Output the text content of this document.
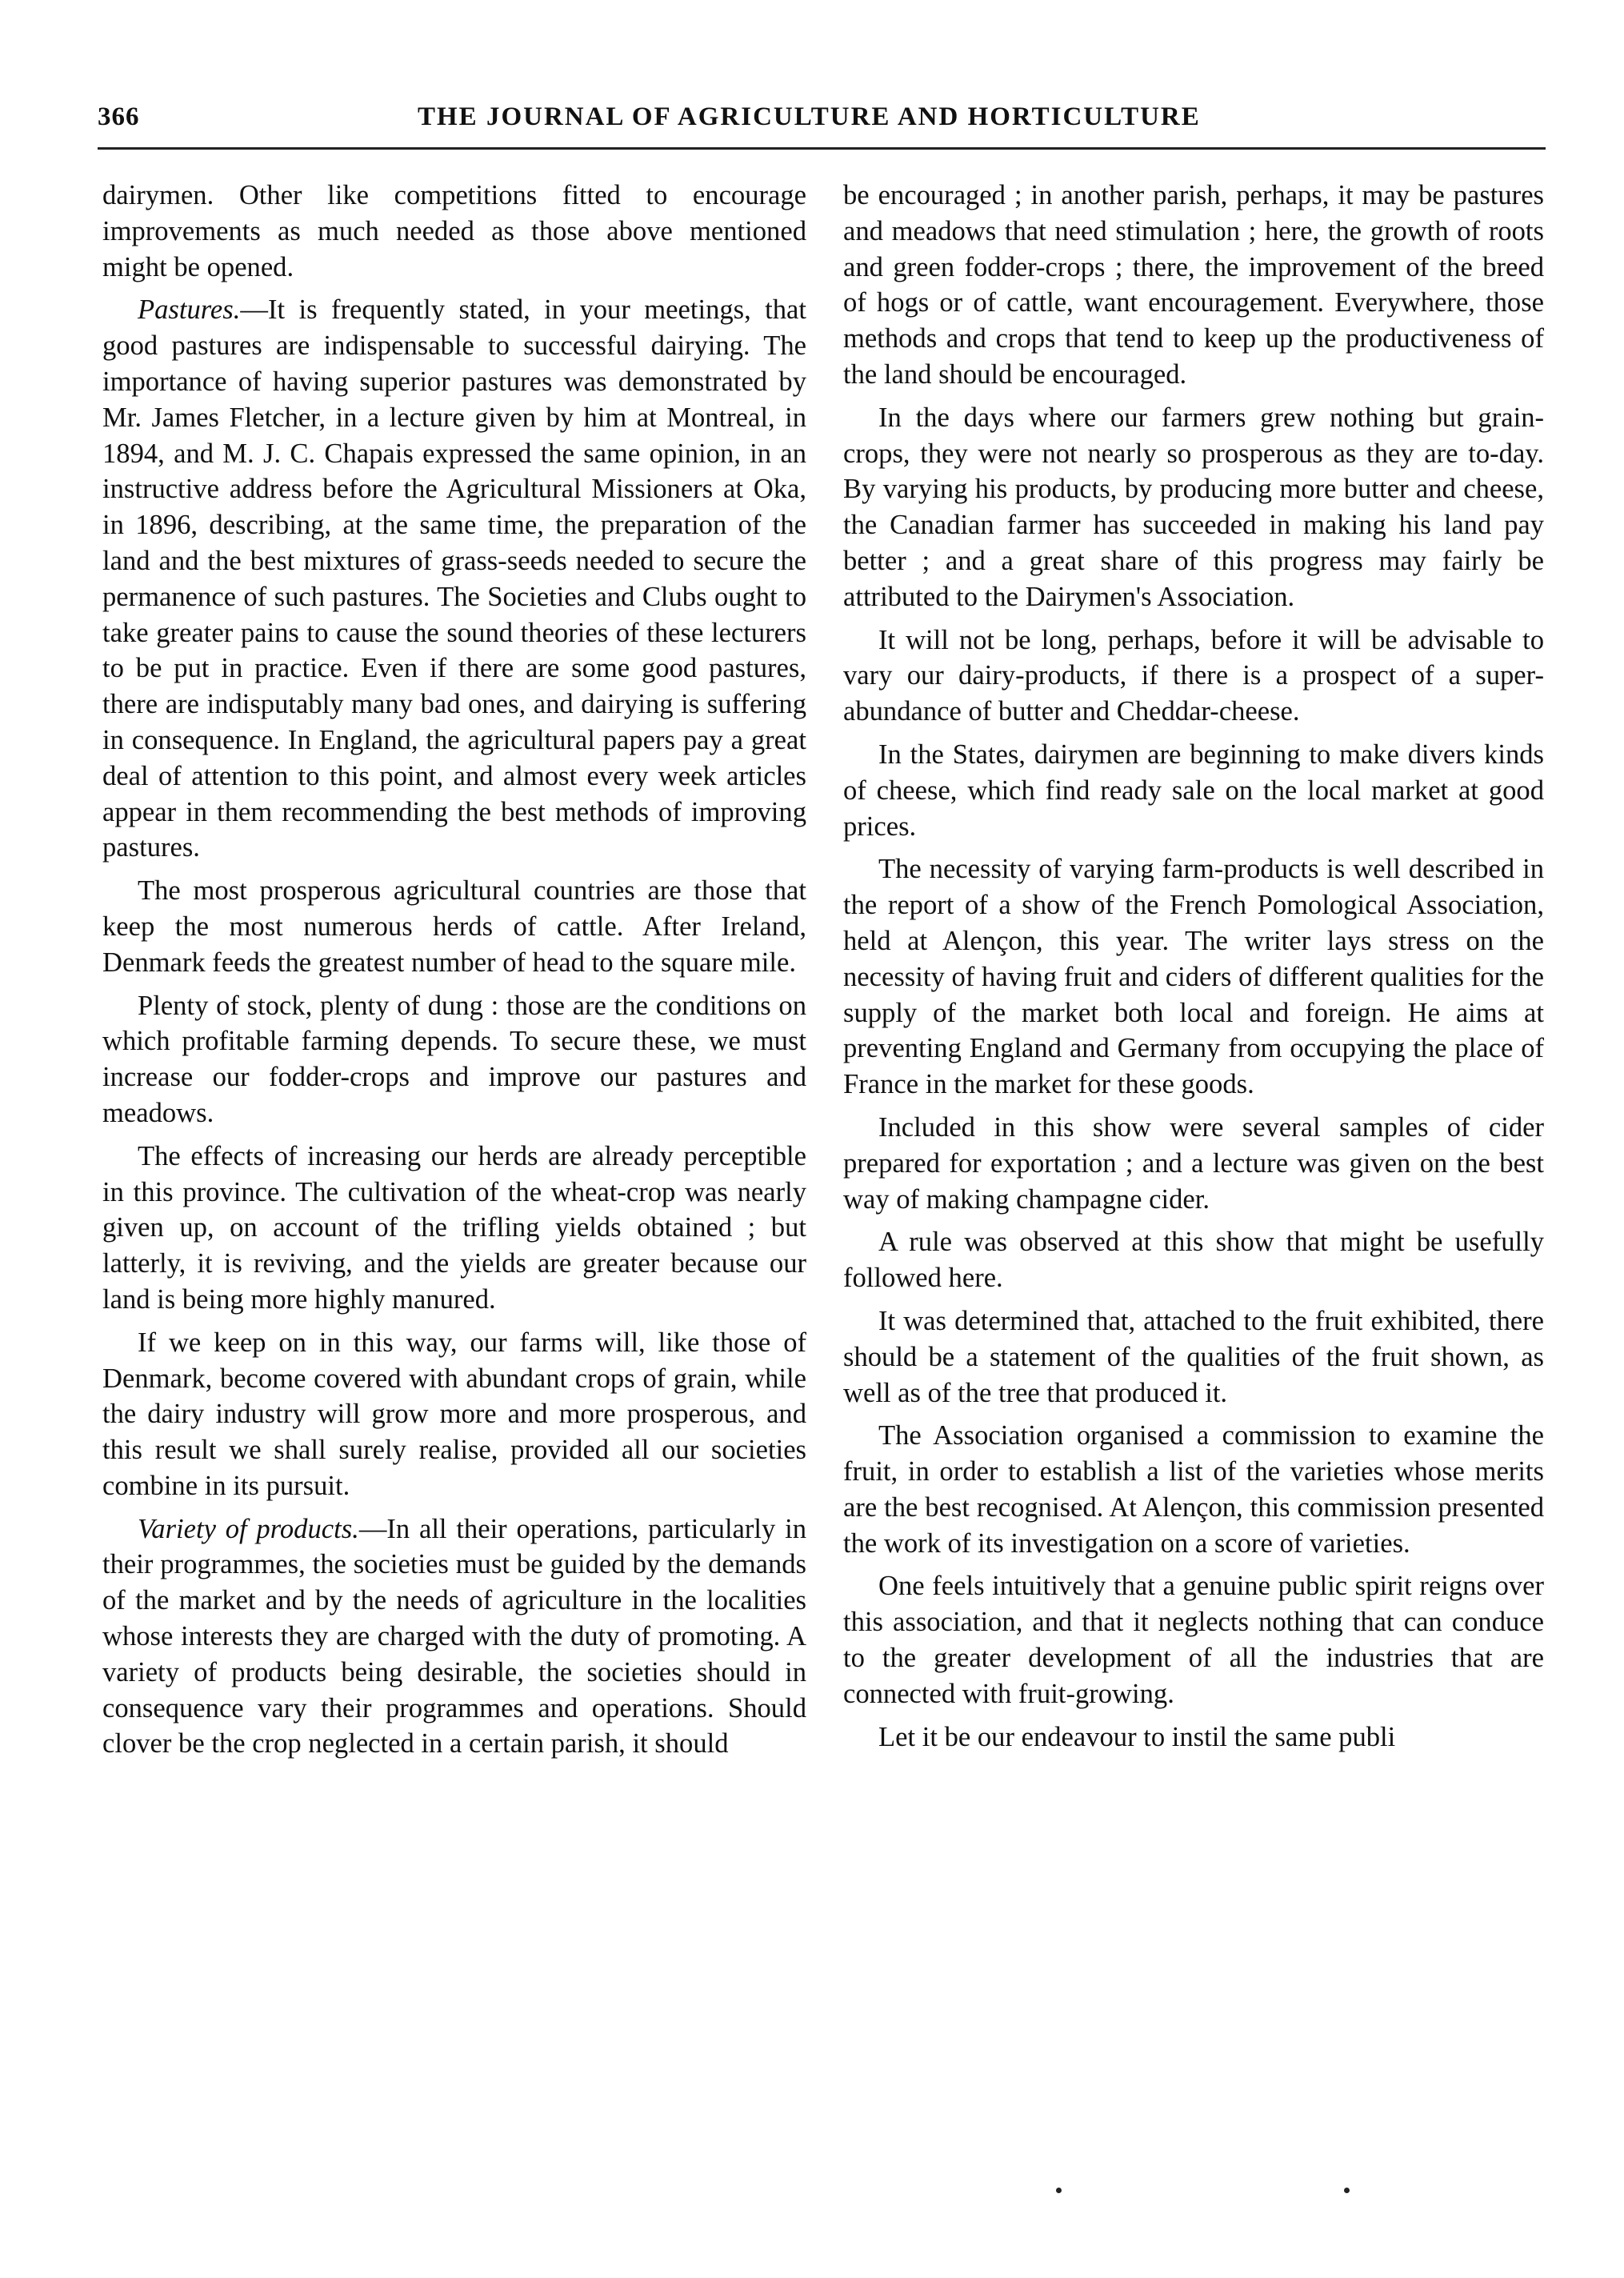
366	THE JOURNAL OF AGRICULTURE AND HORTICULTURE

dairymen. Other like competitions fitted to encourage improvements as much needed as those above mentioned might be opened.

Pastures.—It is frequently stated, in your meetings, that good pastures are indispensable to successful dairying. The importance of having superior pastures was demonstrated by Mr. James Fletcher, in a lecture given by him at Montreal, in 1894, and M. J. C. Chapais expressed the same opinion, in an instructive address before the Agricultural Missioners at Oka, in 1896, describing, at the same time, the preparation of the land and the best mixtures of grass-seeds needed to secure the permanence of such pastures. The Societies and Clubs ought to take greater pains to cause the sound theories of these lecturers to be put in practice. Even if there are some good pastures, there are indisputably many bad ones, and dairying is suffering in consequence. In England, the agricultural papers pay a great deal of attention to this point, and almost every week articles appear in them recommending the best methods of improving pastures.

The most prosperous agricultural countries are those that keep the most numerous herds of cattle. After Ireland, Denmark feeds the greatest number of head to the square mile.

Plenty of stock, plenty of dung : those are the conditions on which profitable farming depends. To secure these, we must increase our fodder-crops and improve our pastures and meadows.

The effects of increasing our herds are already perceptible in this province. The cultivation of the wheat-crop was nearly given up, on account of the trifling yields obtained ; but latterly, it is reviving, and the yields are greater because our land is being more highly manured.

If we keep on in this way, our farms will, like those of Denmark, become covered with abundant crops of grain, while the dairy industry will grow more and more prosperous, and this result we shall surely realise, provided all our societies combine in its pursuit.

Variety of products.—In all their operations, particularly in their programmes, the societies must be guided by the demands of the market and by the needs of agriculture in the localities whose interests they are charged with the duty of promoting. A variety of products being desirable, the societies should in consequence vary their programmes and operations. Should clover be the crop neglected in a certain parish, it should

be encouraged ; in another parish, perhaps, it may be pastures and meadows that need stimulation ; here, the growth of roots and green fodder-crops ; there, the improvement of the breed of hogs or of cattle, want encouragement. Everywhere, those methods and crops that tend to keep up the productiveness of the land should be encouraged.

In the days where our farmers grew nothing but grain-crops, they were not nearly so prosperous as they are to-day. By varying his products, by producing more butter and cheese, the Canadian farmer has succeeded in making his land pay better ; and a great share of this progress may fairly be attributed to the Dairymen's Association.

It will not be long, perhaps, before it will be advisable to vary our dairy-products, if there is a prospect of a super-abundance of butter and Cheddar-cheese.

In the States, dairymen are beginning to make divers kinds of cheese, which find ready sale on the local market at good prices.

The necessity of varying farm-products is well described in the report of a show of the French Pomological Association, held at Alençon, this year. The writer lays stress on the necessity of having fruit and ciders of different qualities for the supply of the market both local and foreign. He aims at preventing England and Germany from occupying the place of France in the market for these goods.

Included in this show were several samples of cider prepared for exportation ; and a lecture was given on the best way of making champagne cider.

A rule was observed at this show that might be usefully followed here.

It was determined that, attached to the fruit exhibited, there should be a statement of the qualities of the fruit shown, as well as of the tree that produced it.

The Association organised a commission to examine the fruit, in order to establish a list of the varieties whose merits are the best recognised. At Alençon, this commission presented the work of its investigation on a score of varieties.

One feels intuitively that a genuine public spirit reigns over this association, and that it neglects nothing that can conduce to the greater development of all the industries that are connected with fruit-growing.

Let it be our endeavour to instil the same publi
